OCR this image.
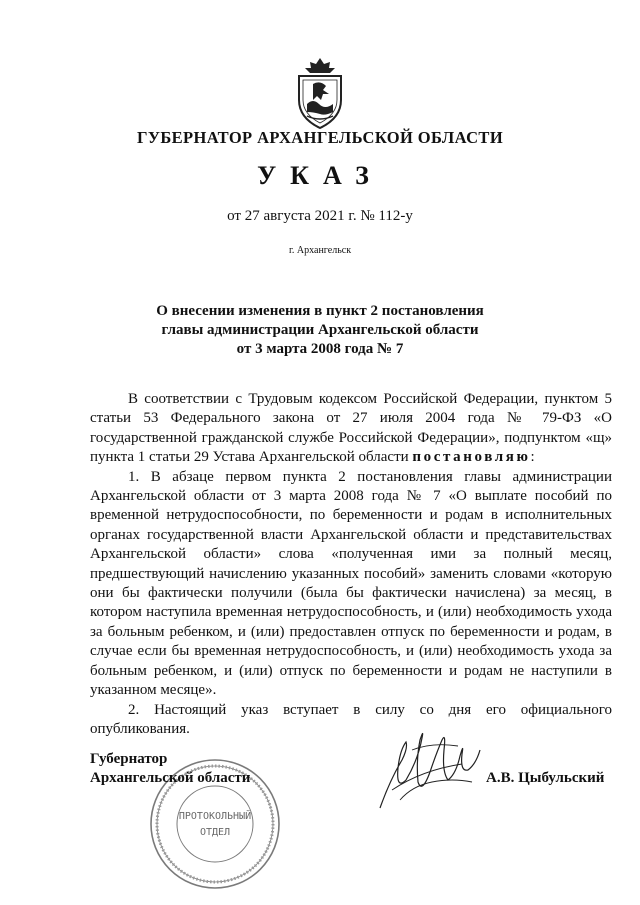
ГУБЕРНАТОР АРХАНГЕЛЬСКОЙ ОБЛАСТИ
УКАЗ
от 27 августа 2021 г. № 112-у
г. Архангельск
О внесении изменения в пункт 2 постановления
главы администрации Архангельской области
от 3 марта 2008 года № 7

В соответствии с Трудовым кодексом Российской Федерации, пунктом 5 статьи 53 Федерального закона от 27 июля 2004 года № 79-ФЗ «О государственной гражданской службе Российской Федерации», подпунктом «щ» пункта 1 статьи 29 Устава Архангельской области постановляю:

1. В абзаце первом пункта 2 постановления главы администрации Архангельской области от 3 марта 2008 года № 7 «О выплате пособий по временной нетрудоспособности, по беременности и родам в исполнительных органах государственной власти Архангельской области и представительствах Архангельской области» слова «полученная ими за полный месяц, предшествующий начислению указанных пособий» заменить словами «которую они бы фактически получили (была бы фактически начислена) за месяц, в котором наступила временная нетрудоспособность, и (или) необходимость ухода за больным ребенком, и (или) предоставлен отпуск по беременности и родам, в случае если бы временная нетрудоспособность, и (или) необходимость ухода за больным ребенком, и (или) отпуск по беременности и родам не наступили в указанном месяце».

2. Настоящий указ вступает в силу со дня его официального опубликования.

ПРОТОКОЛЬНЫЙ
ОТДЕЛ
Губернатор
Архангельской области	А.В. Цыбульский
